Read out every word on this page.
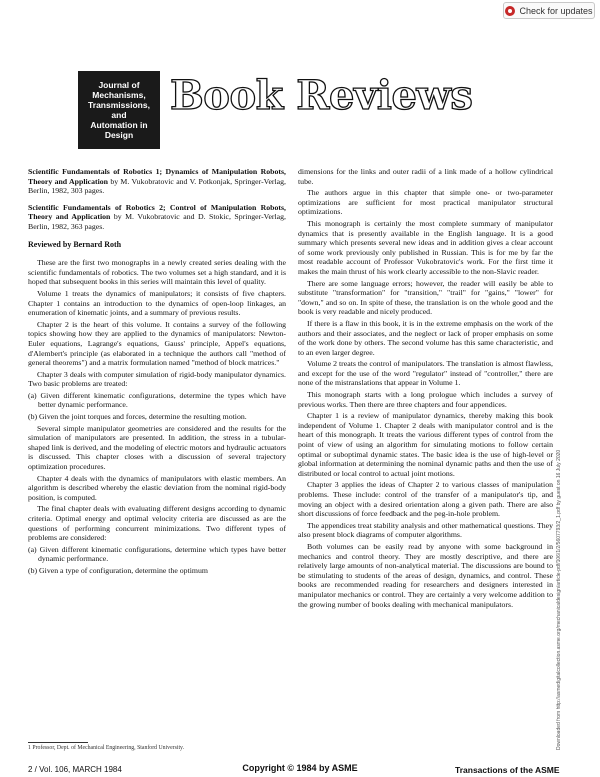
Check for updates
Journal of
Mechanisms,
Transmissions,
and
Automation in
Design
Book Reviews
Scientific Fundamentals of Robotics 1; Dynamics of Manipulation Robots, Theory and Application by M. Vukobratovic and V. Potkonjak, Springer-Verlag, Berlin, 1982, 303 pages.
Scientific Fundamentals of Robotics 2; Control of Manipulation Robots, Theory and Application by M. Vukobratovic and D. Stokic, Springer-Verlag, Berlin, 1982, 363 pages.
Reviewed by Bernard Roth

These are the first two monographs in a newly created series dealing with the scientific fundamentals of robotics. The two volumes set a high standard, and it is hoped that subsequent books in this series will maintain this level of quality.

Volume 1 treats the dynamics of manipulators; it consists of five chapters. Chapter 1 contains an introduction to the dynamics of open-loop linkages, an enumeration of kinematic joints, and a summary of previous results.

Chapter 2 is the heart of this volume. It contains a survey of the following topics showing how they are applied to the dynamics of manipulators: Newton-Euler equations, Lagrange's equations, Gauss' principle, Appel's equations, d'Alembert's principle (as elaborated in a technique the authors call "method of general theorems") and a matrix formulation named "method of block matrices."

Chapter 3 deals with computer simulation of rigid-body manipulator dynamics. Two basic problems are treated:

(a) Given different kinematic configurations, determine the types which have better dynamic performance.

(b) Given the joint torques and forces, determine the resulting motion.

Several simple manipulator geometries are considered and the results for the simulation of manipulators are presented. In addition, the stress in a tubular-shaped link is derived, and the modeling of electric motors and hydraulic actuators is discussed. This chapter closes with a discussion of several trajectory optimization procedures.

Chapter 4 deals with the dynamics of manipulators with elastic members. An algorithm is described whereby the elastic deviation from the nominal rigid-body position, is computed.

The final chapter deals with evaluating different designs according to dynamic criteria. Optimal energy and optimal velocity criteria are discussed as are the questions of performing concurrent minimizations. Two different types of problems are considered:

(a) Given different kinematic configurations, determine which types have better dynamic performance.

(b) Given a type of configuration, determine the optimum

dimensions for the links and outer radii of a link made of a hollow cylindrical tube.

The authors argue in this chapter that simple one- or two-parameter optimizations are sufficient for most practical manipulator structural optimizations.

This monograph is certainly the most complete summary of manipulator dynamics that is presently available in the English language. It is a good summary which presents several new ideas and in addition gives a clear account of some work previously only published in Russian. This is for me by far the most readable account of Professor Vukobratovic's work. For the first time it makes the main thrust of his work clearly accessible to the non-Slavic reader.

There are some language errors; however, the reader will easily be able to substitute "transformation" for "transition," "trail" for "gains," "lower" for "down," and so on. In spite of these, the translation is on the whole good and the book is very readable and nicely produced.

If there is a flaw in this book, it is in the extreme emphasis on the work of the authors and their associates, and the neglect or lack of proper emphasis on some of the work done by others. The second volume has this same characteristic, and to an even larger degree.

Volume 2 treats the control of manipulators. The translation is almost flawless, and except for the use of the word "regulator" instead of "controller," there are none of the mistranslations that appear in Volume 1.

This monograph starts with a long prologue which includes a survey of previous works. Then there are three chapters and four appendices.

Chapter 1 is a review of manipulator dynamics, thereby making this book independent of Volume 1. Chapter 2 deals with manipulator control and is the heart of this monograph. It treats the various different types of control from the point of view of using an algorithm for simulating motions to follow certain optimal or suboptimal dynamic states. The basic idea is the use of high-level or global information at determining the nominal dynamic paths and then the use of distributed or local control to actual joint motions.

Chapter 3 applies the ideas of Chapter 2 to various classes of manipulation problems. These include: control of the transfer of a manipulator's tip, and moving an object with a desired orientation along a given path. There are also short discussions of force feedback and the peg-in-hole problem.

The appendices treat stability analysis and other mathematical questions. They also present block diagrams of computer algorithms.

Both volumes can be easily read by anyone with some background in mechanics and control theory. They are mostly descriptive, and there are relatively large amounts of non-analytical material. The discussions are bound to be stimulating to students of the areas of design, dynamics, and control. These books are recommended reading for researchers and designers interested in manipulator mechanics or control. They are certainly a very welcome addition to the growing number of books dealing with mechanical manipulators.

1 Professor, Dept. of Mechanical Engineering, Stanford University.
2 / Vol. 106, MARCH 1984	Copyright © 1984 by ASME	Transactions of the ASME
Downloaded from http://asmedigitalcollection.asme.org/mechanicaldesign/article-pdf/106/1/2/5607793/2_1.pdf by guest on 16 July 2020
